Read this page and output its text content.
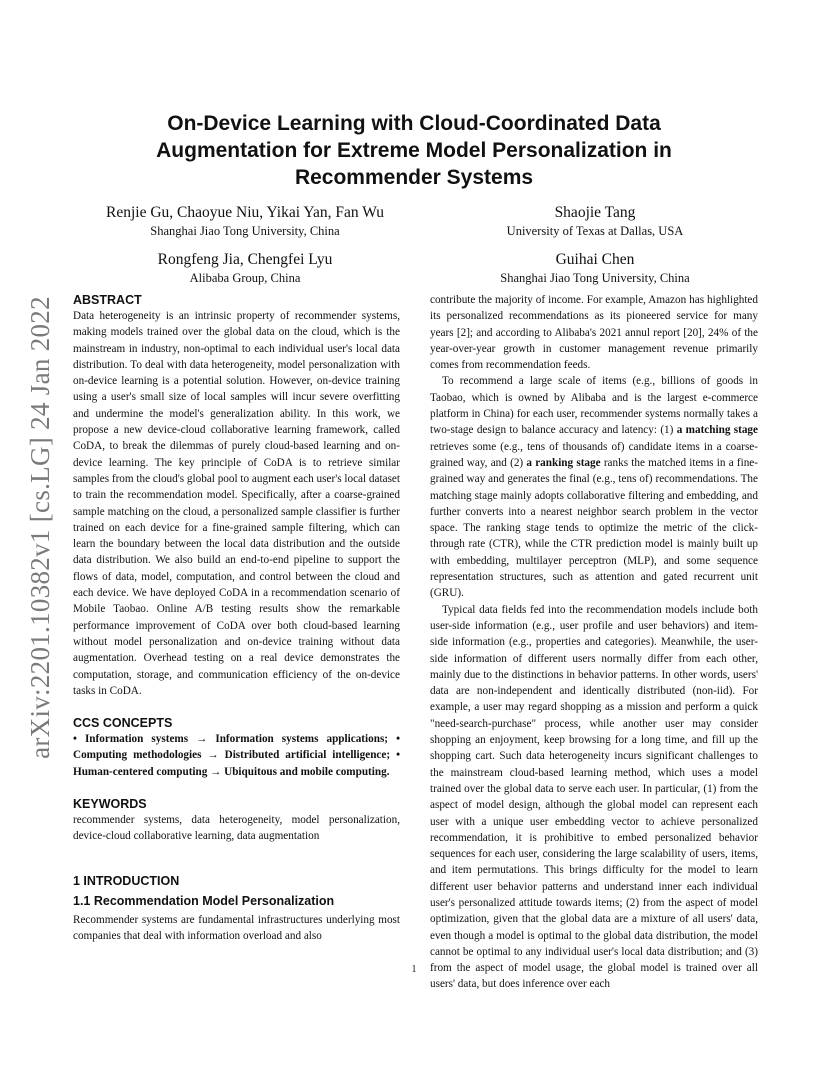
arXiv:2201.10382v1 [cs.LG] 24 Jan 2022
On-Device Learning with Cloud-Coordinated Data
Augmentation for Extreme Model Personalization in
Recommender Systems
Renjie Gu, Chaoyue Niu, Yikai Yan, Fan Wu
Shanghai Jiao Tong University, China
Shaojie Tang
University of Texas at Dallas, USA
Rongfeng Jia, Chengfei Lyu
Alibaba Group, China
Guihai Chen
Shanghai Jiao Tong University, China
ABSTRACT

Data heterogeneity is an intrinsic property of recommender systems, making models trained over the global data on the cloud, which is the mainstream in industry, non-optimal to each individual user's local data distribution. To deal with data heterogeneity, model personalization with on-device learning is a potential solution. However, on-device training using a user's small size of local samples will incur severe overfitting and undermine the model's generalization ability. In this work, we propose a new device-cloud collaborative learning framework, called CoDA, to break the dilemmas of purely cloud-based learning and on-device learning. The key principle of CoDA is to retrieve similar samples from the cloud's global pool to augment each user's local dataset to train the recommendation model. Specifically, after a coarse-grained sample matching on the cloud, a personalized sample classifier is further trained on each device for a fine-grained sample filtering, which can learn the boundary between the local data distribution and the outside data distribution. We also build an end-to-end pipeline to support the flows of data, model, computation, and control between the cloud and each device. We have deployed CoDA in a recommendation scenario of Mobile Taobao. Online A/B testing results show the remarkable performance improvement of CoDA over both cloud-based learning without model personalization and on-device training without data augmentation. Overhead testing on a real device demonstrates the computation, storage, and communication efficiency of the on-device tasks in CoDA.

CCS CONCEPTS

• Information systems → Information systems applications; • Computing methodologies → Distributed artificial intelligence; • Human-centered computing → Ubiquitous and mobile computing.

KEYWORDS

recommender systems, data heterogeneity, model personalization, device-cloud collaborative learning, data augmentation

1 INTRODUCTION
1.1 Recommendation Model Personalization

Recommender systems are fundamental infrastructures underlying most companies that deal with information overload and also

contribute the majority of income. For example, Amazon has highlighted its personalized recommendations as its pioneered service for many years [2]; and according to Alibaba's 2021 annul report [20], 24% of the year-over-year growth in customer management revenue primarily comes from recommendation feeds.

To recommend a large scale of items (e.g., billions of goods in Taobao, which is owned by Alibaba and is the largest e-commerce platform in China) for each user, recommender systems normally takes a two-stage design to balance accuracy and latency: (1) a matching stage retrieves some (e.g., tens of thousands of) candidate items in a coarse-grained way, and (2) a ranking stage ranks the matched items in a fine-grained way and generates the final (e.g., tens of) recommendations. The matching stage mainly adopts collaborative filtering and embedding, and further converts into a nearest neighbor search problem in the vector space. The ranking stage tends to optimize the metric of the click-through rate (CTR), while the CTR prediction model is mainly built up with embedding, multilayer perceptron (MLP), and some sequence representation structures, such as attention and gated recurrent unit (GRU).

Typical data fields fed into the recommendation models include both user-side information (e.g., user profile and user behaviors) and item-side information (e.g., properties and categories). Meanwhile, the user-side information of different users normally differ from each other, mainly due to the distinctions in behavior patterns. In other words, users' data are non-independent and identically distributed (non-iid). For example, a user may regard shopping as a mission and perform a quick "need-search-purchase" process, while another user may consider shopping an enjoyment, keep browsing for a long time, and fill up the shopping cart. Such data heterogeneity incurs significant challenges to the mainstream cloud-based learning method, which uses a model trained over the global data to serve each user. In particular, (1) from the aspect of model design, although the global model can represent each user with a unique user embedding vector to achieve personalized recommendation, it is prohibitive to embed personalized behavior sequences for each user, considering the large scalability of users, items, and item permutations. This brings difficulty for the model to learn different user behavior patterns and understand inner each individual user's personalized attitude towards items; (2) from the aspect of model optimization, given that the global data are a mixture of all users' data, even though a model is optimal to the global data distribution, the model cannot be optimal to any individual user's local data distribution; and (3) from the aspect of model usage, the global model is trained over all users' data, but does inference over each

1
